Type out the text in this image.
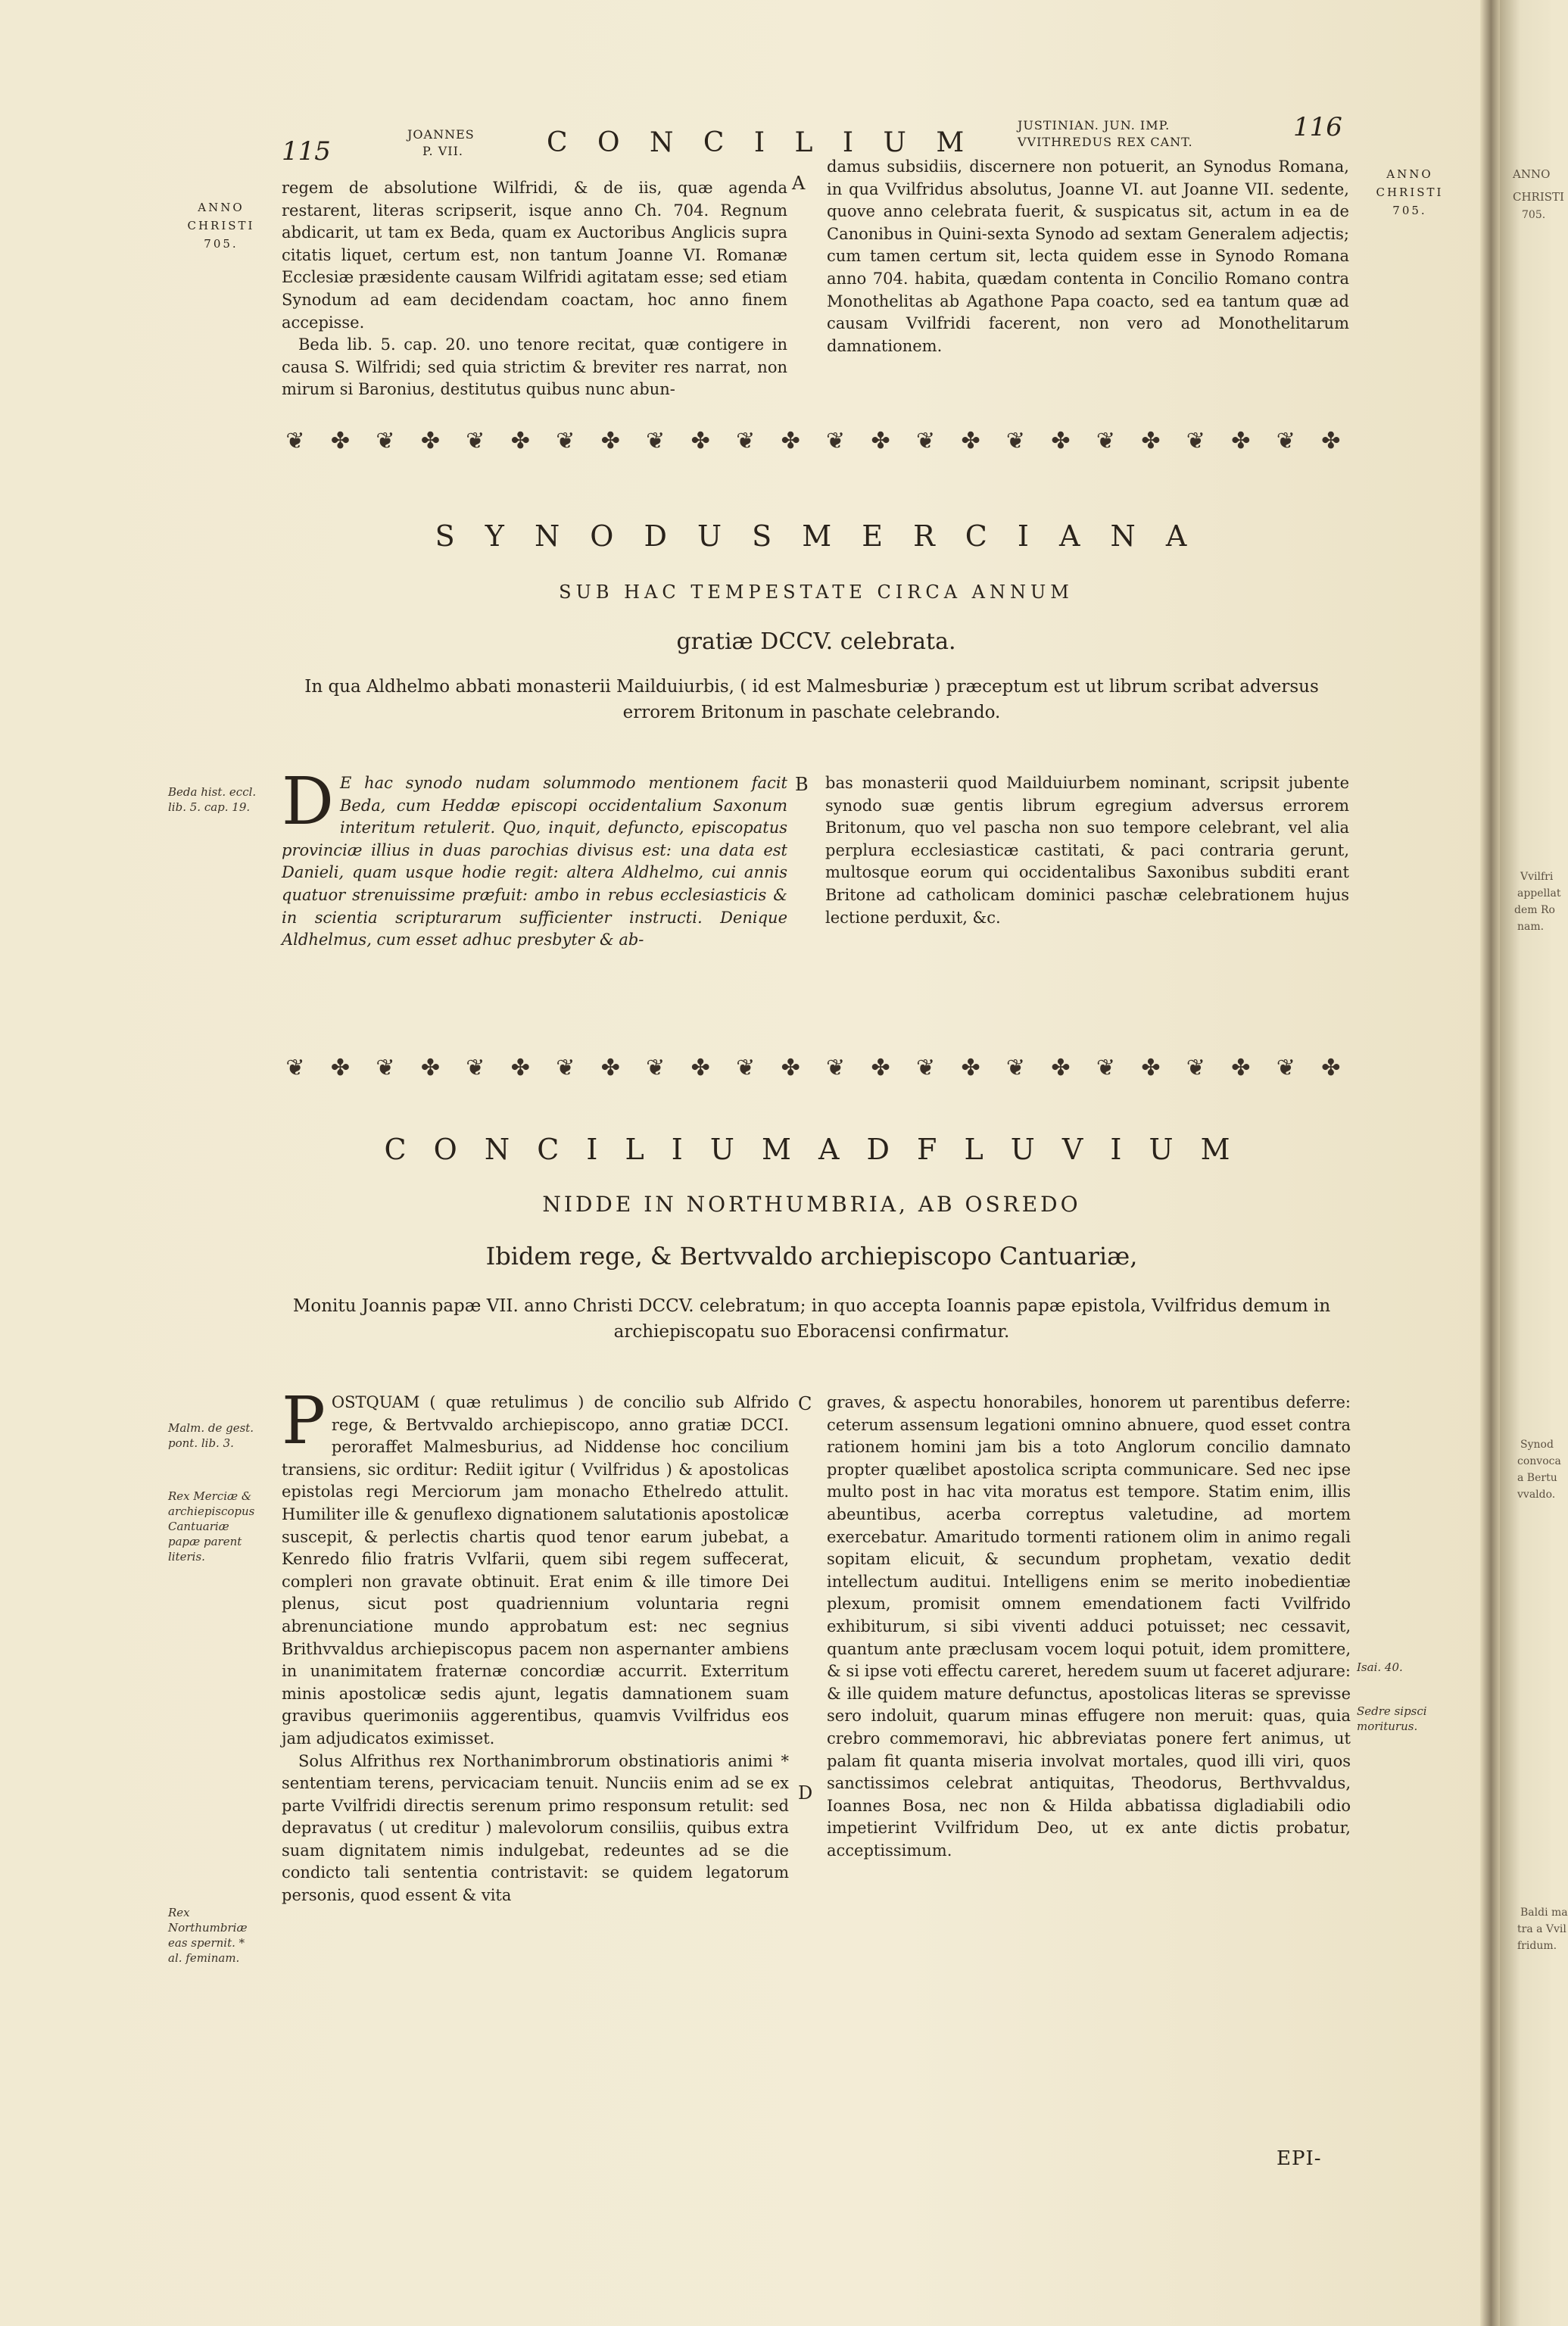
ANNO
CHRISTI
705.
Vvilfri
appellat
dem Ro
nam.
Synod
convoca
a Bertu
vvaldo.
Baldi ma
tra a Vvil
fridum.
115
JOANNES
P. VII.	C O N C I L I U M
JUSTINIAN. JUN. IMP.
VVITHREDUS REX CANT.	116
ANNO
CHRISTI
705.
ANNO
CHRISTI
705.

regem de absolutione Wilfridi, & de iis, quæ agenda restarent, literas scripserit, isque anno Ch. 704. Regnum abdicarit, ut tam ex Beda, quam ex Auctoribus Anglicis supra citatis liquet, certum est, non tantum Joanne VI. Romanæ Ecclesiæ præsidente causam Wilfridi agitatam esse; sed etiam Synodum ad eam decidendam coactam, hoc anno finem accepisse.

Beda lib. 5. cap. 20. uno tenore recitat, quæ contigere in causa S. Wilfridi; sed quia strictim & breviter res narrat, non mirum si Baronius, destitutus quibus nunc abun-

A

damus subsidiis, discernere non potuerit, an Synodus Romana, in qua Vvilfridus absolutus, Joanne VI. aut Joanne VII. sedente, quove anno celebrata fuerit, & suspicatus sit, actum in ea de Canonibus in Quini-sexta Synodo ad sextam Generalem adjectis; cum tamen certum sit, lecta quidem esse in Synodo Romana anno 704. habita, quædam contenta in Concilio Romano contra Monothelitas ab Agathone Papa coacto, sed ea tantum quæ ad causam Vvilfridi facerent, non vero ad Monothelitarum damnationem.

❦	✤	❦	✤	❦	✤	❦	✤	❦	✤	❦	✤	❦	✤	❦	✤	❦	✤	❦	✤	❦	✤	❦	✤
S Y N O D U S M E R C I A N A
SUB HAC TEMPESTATE CIRCA ANNUM
gratiæ DCCV. celebrata.
In qua Aldhelmo abbati monasterii Mailduiurbis, ( id est Malmesburiæ ) præceptum est ut librum scribat adversus errorem Britonum in paschate celebrando.
Beda hist. eccl. lib. 5. cap. 19. D E hac synodo nudam solummodo mentionem facit Beda, cum Heddæ episcopi occidentalium Saxonum interitum retulerit. Quo, inquit, defuncto, episcopatus provinciæ illius in duas parochias divisus est: una data est Danieli, quam usque hodie regit: altera Aldhelmo, cui annis quatuor strenuissime præfuit: ambo in rebus ecclesiasticis & in scientia scripturarum sufficienter instructi. Denique Aldhelmus, cum esset adhuc presbyter & ab-
B bas monasterii quod Mailduiurbem nominant, scripsit jubente synodo suæ gentis librum egregium adversus errorem Britonum, quo vel pascha non suo tempore celebrant, vel alia perplura ecclesiasticæ castitati, & paci contraria gerunt, multosque eorum qui occidentalibus Saxonibus subditi erant Britone ad catholicam dominici paschæ celebrationem hujus lectione perduxit, &c.

❦	✤	❦	✤	❦	✤	❦	✤	❦	✤	❦	✤	❦	✤	❦	✤	❦	✤	❦	✤	❦	✤	❦	✤
C O N C I L I U M A D F L U V I U M
NIDDE IN NORTHUMBRIA, AB OSREDO
Ibidem rege, & Bertvvaldo archiepiscopo Cantuariæ,
Monitu Joannis papæ VII. anno Christi DCCV. celebratum; in quo accepta Ioannis papæ epistola, Vvilfridus demum in archiepiscopatu suo Eboracensi confirmatur.
Malm. de gest. pont. lib. 3.
Rex Merciæ & archiepiscopus Cantuariæ papæ parent literis.
Rex Northumbriæ eas spernit. * al. feminam.

POSTQUAM ( quæ retulimus ) de concilio sub Alfrido rege, & Bertvvaldo archiepiscopo, anno gratiæ DCCI. peroraffet Malmesburius, ad Niddense hoc concilium transiens, sic orditur: Rediit igitur ( Vvilfridus ) & apostolicas epistolas regi Merciorum jam monacho Ethelredo attulit. Humiliter ille & genuflexo dignationem salutationis apostolicæ suscepit, & perlectis chartis quod tenor earum jubebat, a Kenredo filio fratris Vvlfarii, quem sibi regem suffecerat, compleri non gravate obtinuit. Erat enim & ille timore Dei plenus, sicut post quadriennium voluntaria regni abrenunciatione mundo approbatum est: nec segnius Brithvvaldus archiepiscopus pacem non aspernanter ambiens in unanimitatem fraternæ concordiæ accurrit. Exterritum minis apostolicæ sedis ajunt, legatis damnationem suam gravibus querimoniis aggerentibus, quamvis Vvilfridus eos jam adjudicatos eximisset.

Solus Alfrithus rex Northanimbrorum obstinatioris animi * sententiam terens, pervicaciam tenuit. Nunciis enim ad se ex parte Vvilfridi directis serenum primo responsum retulit: sed depravatus ( ut creditur ) malevolorum consiliis, quibus extra suam dignitatem nimis indulgebat, redeuntes ad se die condicto tali sententia contristavit: se quidem legatorum personis, quod essent & vita

C
D

graves, & aspectu honorabiles, honorem ut parentibus deferre: ceterum assensum legationi omnino abnuere, quod esset contra rationem homini jam bis a toto Anglorum concilio damnato propter quælibet apostolica scripta communicare. Sed nec ipse multo post in hac vita moratus est tempore. Statim enim, illis abeuntibus, acerba correptus valetudine, ad mortem exercebatur. Amaritudo tormenti rationem olim in animo regali sopitam elicuit, & secundum prophetam, vexatio dedit intellectum auditui. Intelligens enim se merito inobedientiæ plexum, promisit omnem emendationem facti Vvilfrido exhibiturum, si sibi viventi adduci potuisset; nec cessavit, quantum ante præclusam vocem loqui potuit, idem promittere, & si ipse voti effectu careret, heredem suum ut faceret adjurare: & ille quidem mature defunctus, apostolicas literas se sprevisse sero indoluit, quarum minas effugere non meruit: quas, quia crebro commemoravi, hic abbreviatas ponere fert animus, ut palam fit quanta miseria involvat mortales, quod illi viri, quos sanctissimos celebrat antiquitas, Theodorus, Berthvvaldus, Ioannes Bosa, nec non & Hilda abbatissa digladiabili odio impetierint Vvilfridum Deo, ut ex ante dictis probatur, acceptissimum.

Isai. 40.
Sedre sipsci moriturus.
EPI-
